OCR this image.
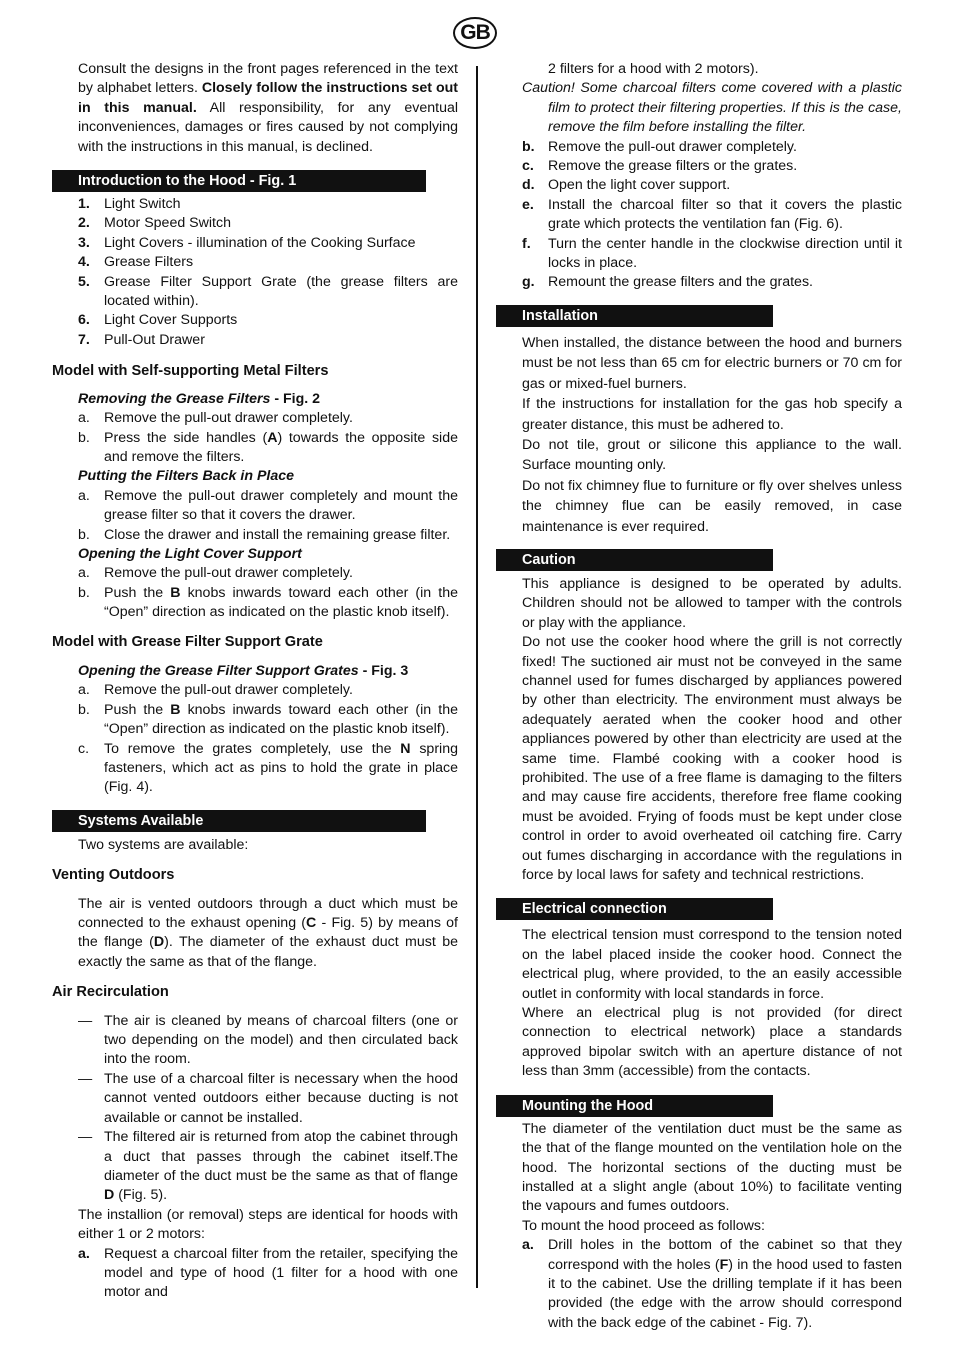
GB

Consult the designs in the front pages referenced in the text by alphabet letters. Closely follow the instructions set out in this manual. All responsibility, for any eventual inconveniences, damages or fires caused by not complying with the instructions in this manual, is declined.

Introduction to the Hood - Fig. 1
1. Light Switch
2. Motor Speed Switch
3. Light Covers - illumination of the Cooking Surface
4. Grease Filters
5. Grease Filter Support Grate (the grease filters are located within).
6. Light Cover Supports
7. Pull-Out Drawer

Model with Self-supporting Metal Filters

Removing the Grease Filters - Fig. 2

a. Remove the pull-out drawer completely.
b. Press the side handles (A) towards the opposite side and remove the filters.

Putting the Filters Back in Place

a. Remove the pull-out drawer completely and mount the grease filter so that it covers the drawer.
b. Close the drawer and install the remaining grease filter.

Opening the Light Cover Support

a. Remove the pull-out drawer completely.
b. Push the B knobs inwards toward each other (in the “Open” direction as indicated on the plastic knob itself).

Model with Grease Filter Support Grate

Opening the Grease Filter Support Grates - Fig. 3

a. Remove the pull-out drawer completely.
b. Push the B knobs inwards toward each other (in the “Open” direction as indicated on the plastic knob itself).
c. To remove the grates completely, use the N spring fasteners, which act as pins to hold the grate in place (Fig. 4).
Systems Available

Two systems are available:

Venting Outdoors

The air is vented outdoors through a duct which must be connected to the exhaust opening (C - Fig. 5) by means of the flange (D). The diameter of the exhaust duct must be exactly the same as that of the flange.

Air Recirculation

— The air is cleaned by means of charcoal filters (one or two depending on the model) and then circulated back into the room.
— The use of a charcoal filter is necessary when the hood cannot vented outdoors either because ducting is not available or cannot be installed.
— The filtered air is returned from atop the cabinet through a duct that passes through the cabinet itself.The diameter of the duct must be the same as that of flange D (Fig. 5).

The installion (or removal) steps are identical for hoods with either 1 or 2 motors:

a. Request a charcoal filter from the retailer, specifying the model and type of hood (1 filter for a hood with one motor and

2 filters for a hood with 2 motors).

Caution! Some charcoal filters come covered with a plastic film to protect their filtering properties. If this is the case, remove the film before installing the filter.

b. Remove the pull-out drawer completely.
c. Remove the grease filters or the grates.
d. Open the light cover support.
e. Install the charcoal filter so that it covers the plastic grate which protects the ventilation fan (Fig. 6).
f. Turn the center handle in the clockwise direction until it locks in place.
g. Remount the grease filters and the grates.
Installation

When installed, the distance between the hood and burners must be not less than 65 cm for electric burners or 70 cm for gas or mixed-fuel burners.

If the instructions for installation for the gas hob specify a greater distance, this must be adhered to.

Do not tile, grout or silicone this appliance to the wall. Surface mounting only.

Do not fix chimney flue to furniture or fly over shelves unless the chimney flue can be easily removed, in case maintenance is ever required.

Caution

This appliance is designed to be operated by adults. Children should not be allowed to tamper with the controls or play with the appliance.

Do not use the cooker hood where the grill is not correctly fixed! The suctioned air must not be conveyed in the same channel used for fumes discharged by appliances powered by other than electricity. The environment must always be adequately aerated when the cooker hood and other appliances powered by other than electricity are used at the same time. Flambé cooking with a cooker hood is prohibited. The use of a free flame is damaging to the filters and may cause fire accidents, therefore free flame cooking must be avoided. Frying of foods must be kept under close control in order to avoid overheated oil catching fire. Carry out fumes discharging in accordance with the regulations in force by local laws for safety and technical restrictions.

Electrical connection

The electrical tension must correspond to the tension noted on the label placed inside the cooker hood. Connect the electrical plug, where provided, to the an easily accessible outlet in conformity with local standards in force.

Where an electrical plug is not provided (for direct connection to electrical network) place a standards approved bipolar switch with an aperture distance of not less than 3mm (accessible) from the contacts.

Mounting the Hood

The diameter of the ventilation duct must be the same as the that of the flange mounted on the ventilation hole on the hood. The horizontal sections of the ducting must be installed at a slight angle (about 10%) to facilitate venting the vapours and fumes outdoors.

To mount the hood proceed as follows:

a. Drill holes in the bottom of the cabinet so that they correspond with the holes (F) in the hood used to fasten it to the cabinet. Use the drilling template if it has been provided (the edge with the arrow should correspond with the back edge of the cabinet - Fig. 7).
